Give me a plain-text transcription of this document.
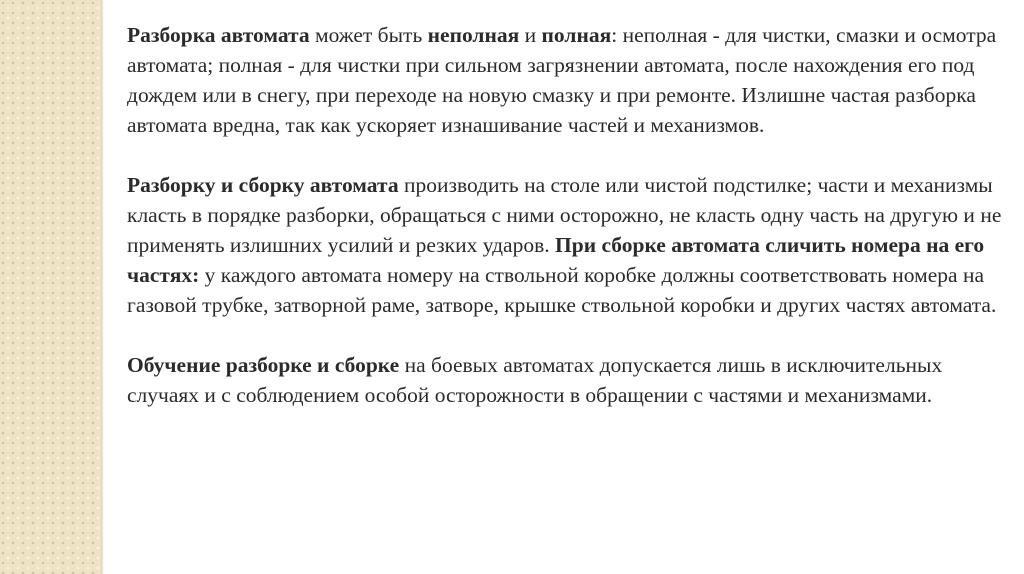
Разборка автомата может быть неполная и полная: неполная - для чистки, смазки и осмотра автомата; полная - для чистки при сильном загрязнении автомата, после нахождения его под дождем или в снегу, при переходе на новую смазку и при ремонте. Излишне частая разборка автомата вредна, так как ускоряет изнашивание частей и механизмов.

Разборку и сборку автомата производить на столе или чистой подстилке; части и механизмы класть в порядке разборки, обращаться с ними осторожно, не класть одну часть на другую и не применять излишних усилий и резких ударов. При сборке автомата сличить номера на его частях: у каждого автомата номеру на ствольной коробке должны соответствовать номера на газовой трубке, затворной раме, затворе, крышке ствольной коробки и других частях автомата.

Обучение разборке и сборке на боевых автоматах допускается лишь в исключительных случаях и с соблюдением особой осторожности в обращении с частями и механизмами.
